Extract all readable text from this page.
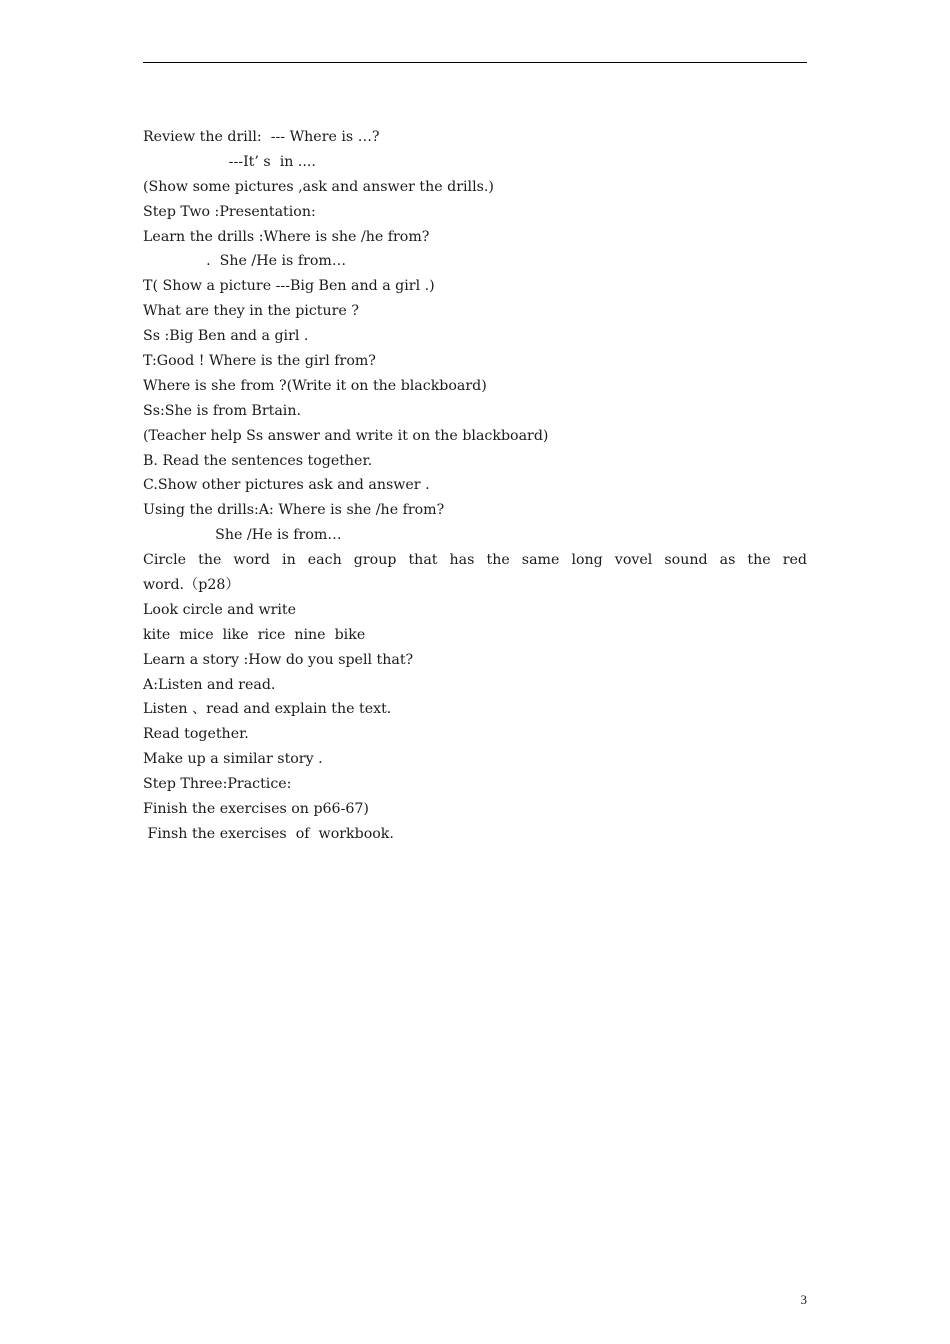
Review the drill:  --- Where is …?
---It’ s  in ....
(Show some pictures ,ask and answer the drills.)
Step Two :Presentation:
Learn the drills :Where is she /he from?
.  She /He is from…
T( Show a picture ---Big Ben and a girl .)
What are they in the picture ?
Ss :Big Ben and a girl .
T:Good ! Where is the girl from?
Where is she from ?(Write it on the blackboard)
Ss:She is from Brtain.
(Teacher help Ss answer and write it on the blackboard)
B. Read the sentences together.
C.Show other pictures ask and answer .
Using the drills:A: Where is she /he from?
She /He is from…
Circle the word in each group that has the same long vovel sound as the red
word.（p28）
Look circle and write
kite  mice  like  rice  nine  bike
Learn a story :How do you spell that?
A:Listen and read.
Listen 、read and explain the text.
Read together.
Make up a similar story .
Step Three:Practice:
Finish the exercises on p66-67)
Finsh the exercises  of  workbook.
3
